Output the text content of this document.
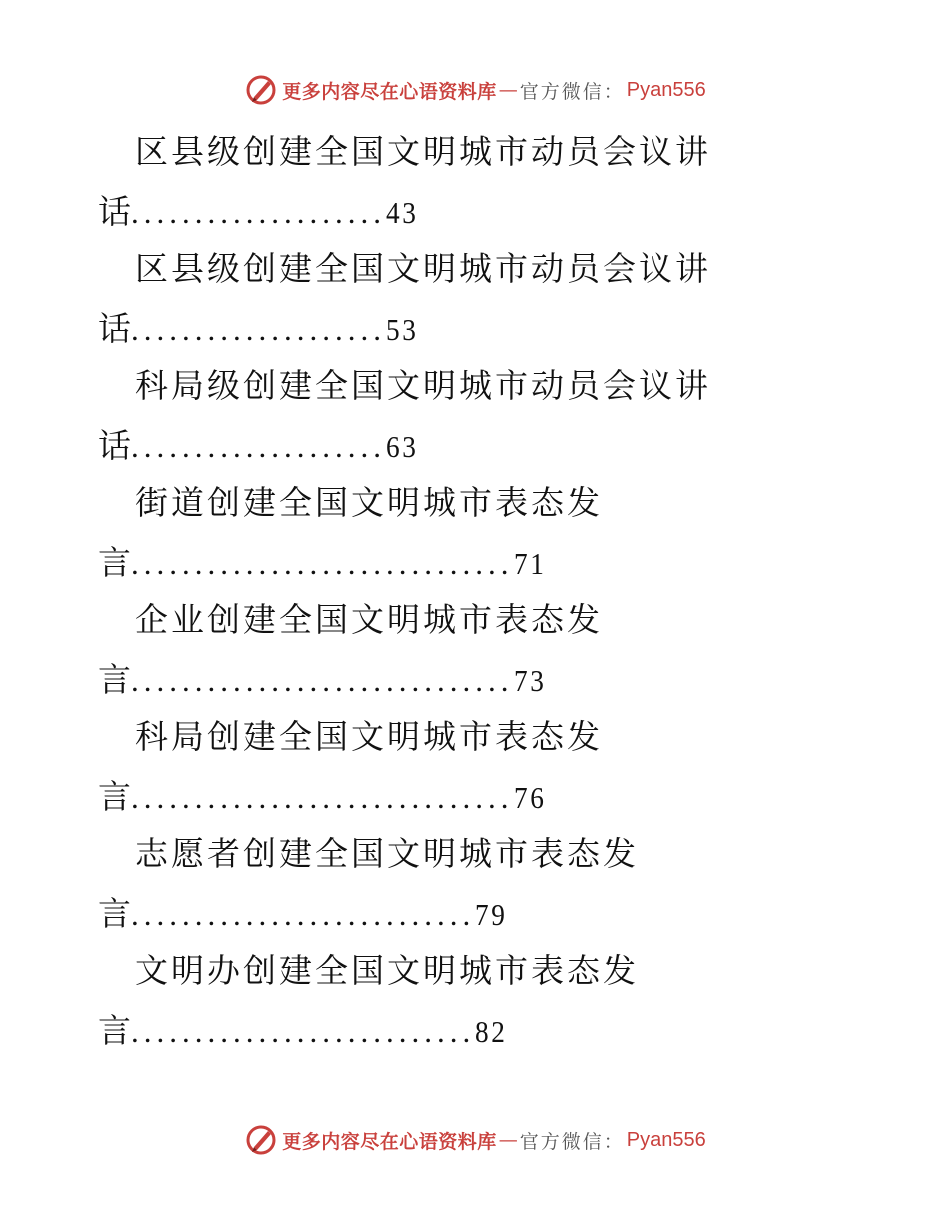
更多内容尽在心语资料库 — 官方微信： Pyan556
区县级创建全国文明城市动员会议讲
话 .................... 43
区县级创建全国文明城市动员会议讲
话 .................... 53
科局级创建全国文明城市动员会议讲
话 .................... 63
街道创建全国文明城市表态发
言 .............................. 71
企业创建全国文明城市表态发
言 .............................. 73
科局创建全国文明城市表态发
言 .............................. 76
志愿者创建全国文明城市表态发
言 ........................... 79
文明办创建全国文明城市表态发
言 ........................... 82
更多内容尽在心语资料库 — 官方微信： Pyan556
